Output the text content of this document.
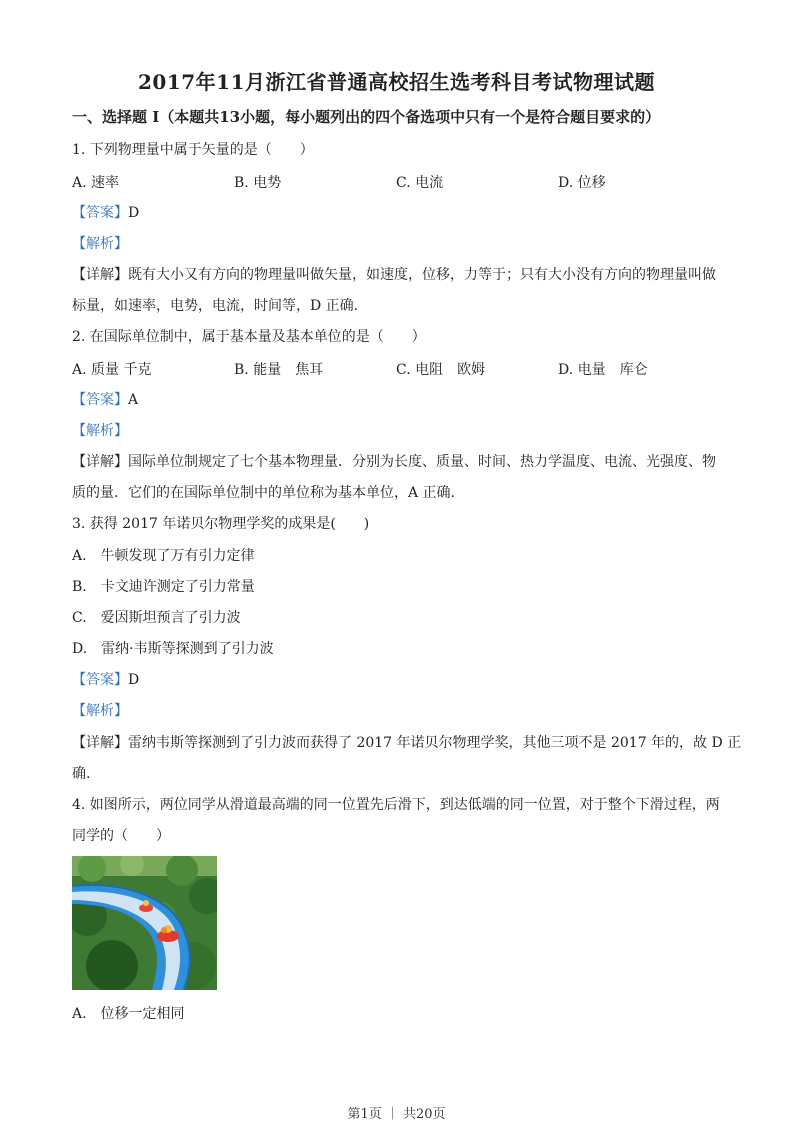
2017年11月浙江省普通高校招生选考科目考试物理试题
一、选择题 I（本题共13小题，每小题列出的四个备选项中只有一个是符合题目要求的）
1. 下列物理量中属于矢量的是（　　）
A. 速率	B. 电势	C. 电流	D. 位移
【答案】D
【解析】
【详解】既有大小又有方向的物理量叫做矢量，如速度，位移，力等于；只有大小没有方向的物理量叫做
标量，如速率，电势，电流，时间等，D 正确.
2. 在国际单位制中，属于基本量及基本单位的是（　　）
A. 质量 千克	B. 能量　焦耳	C. 电阻　欧姆	D. 电量　库仑
【答案】A
【解析】
【详解】国际单位制规定了七个基本物理量．分别为长度、质量、时间、热力学温度、电流、光强度、物
质的量．它们的在国际单位制中的单位称为基本单位，A 正确.
3. 获得 2017 年诺贝尔物理学奖的成果是(　　)
A.　牛顿发现了万有引力定律
B.　卡文迪许测定了引力常量
C.　爱因斯坦预言了引力波
D.　雷纳·韦斯等探测到了引力波
【答案】D
【解析】
【详解】雷纳韦斯等探测到了引力波而获得了 2017 年诺贝尔物理学奖，其他三项不是 2017 年的，故 D 正
确.
4. 如图所示，两位同学从滑道最高端的同一位置先后滑下，到达低端的同一位置，对于整个下滑过程，两
同学的（　　）
A.　位移一定相同
第1页 ｜ 共20页
